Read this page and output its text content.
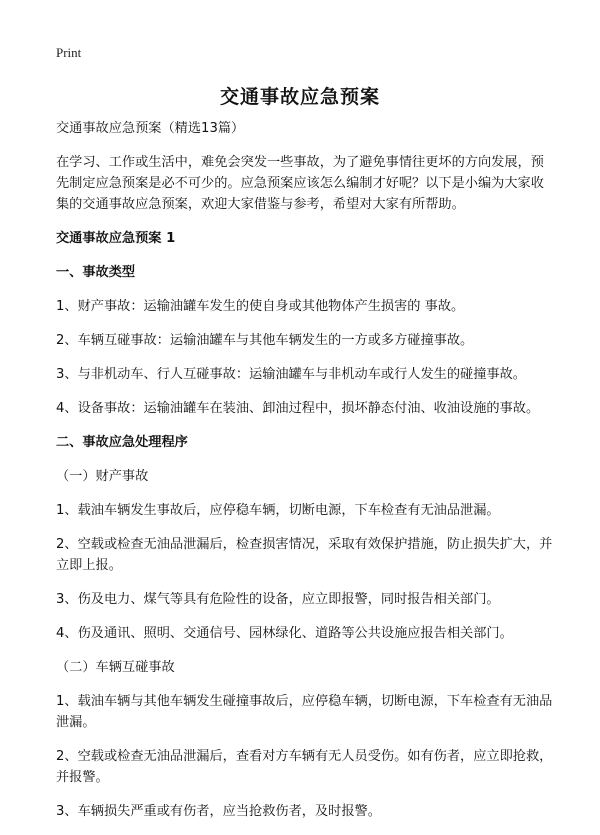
Print
交通事故应急预案

交通事故应急预案（精选13篇）

在学习、工作或生活中，难免会突发一些事故，为了避免事情往更坏的方向发展，预先制定应急预案是必不可少的。应急预案应该怎么编制才好呢？以下是小编为大家收集的交通事故应急预案，欢迎大家借鉴与参考，希望对大家有所帮助。

交通事故应急预案 1

一、事故类型

1、财产事故：运输油罐车发生的使自身或其他物体产生损害的 事故。

2、车辆互碰事故：运输油罐车与其他车辆发生的一方或多方碰撞事故。

3、与非机动车、行人互碰事故：运输油罐车与非机动车或行人发生的碰撞事故。

4、设备事故：运输油罐车在装油、卸油过程中，损坏静态付油、收油设施的事故。

二、事故应急处理程序

（一）财产事故

1、载油车辆发生事故后，应停稳车辆，切断电源，下车检查有无油品泄漏。

2、空载或检查无油品泄漏后，检查损害情况，采取有效保护措施，防止损失扩大，并立即上报。

3、伤及电力、煤气等具有危险性的设备，应立即报警，同时报告相关部门。

4、伤及通讯、照明、交通信号、园林绿化、道路等公共设施应报告相关部门。

（二）车辆互碰事故

1、载油车辆与其他车辆发生碰撞事故后，应停稳车辆，切断电源，下车检查有无油品泄漏。

2、空载或检查无油品泄漏后，查看对方车辆有无人员受伤。如有伤者，应立即抢救，并报警。

3、车辆损失严重或有伤者，应当抢救伤者，及时报警。
